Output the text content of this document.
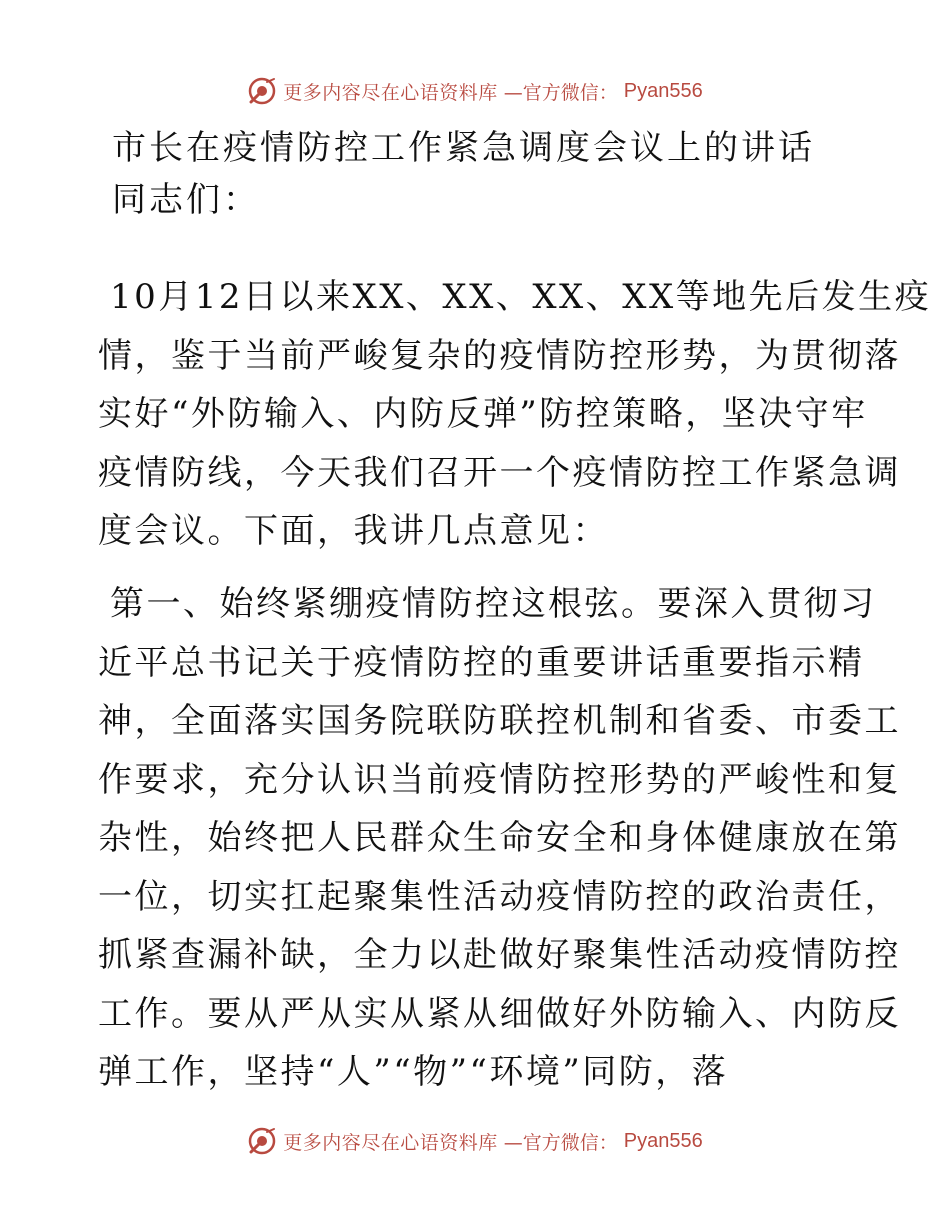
更多内容尽在心语资料库 —官方微信： Pyan556
市长在疫情防控工作紧急调度会议上的讲话
同志们：

10月12日以来XX、XX、XX、XX等地先后发生疫
情，鉴于当前严峻复杂的疫情防控形势，为贯彻落
实好“外防输入、内防反弹”防控策略，坚决守牢
疫情防线，今天我们召开一个疫情防控工作紧急调
度会议。下面，我讲几点意见：

第一、始终紧绷疫情防控这根弦。要深入贯彻习
近平总书记关于疫情防控的重要讲话重要指示精
神，全面落实国务院联防联控机制和省委、市委工
作要求，充分认识当前疫情防控形势的严峻性和复
杂性，始终把人民群众生命安全和身体健康放在第
一位，切实扛起聚集性活动疫情防控的政治责任，
抓紧查漏补缺，全力以赴做好聚集性活动疫情防控
工作。要从严从实从紧从细做好外防输入、内防反
弹工作，坚持“人”“物”“环境”同防，落

更多内容尽在心语资料库 —官方微信： Pyan556
